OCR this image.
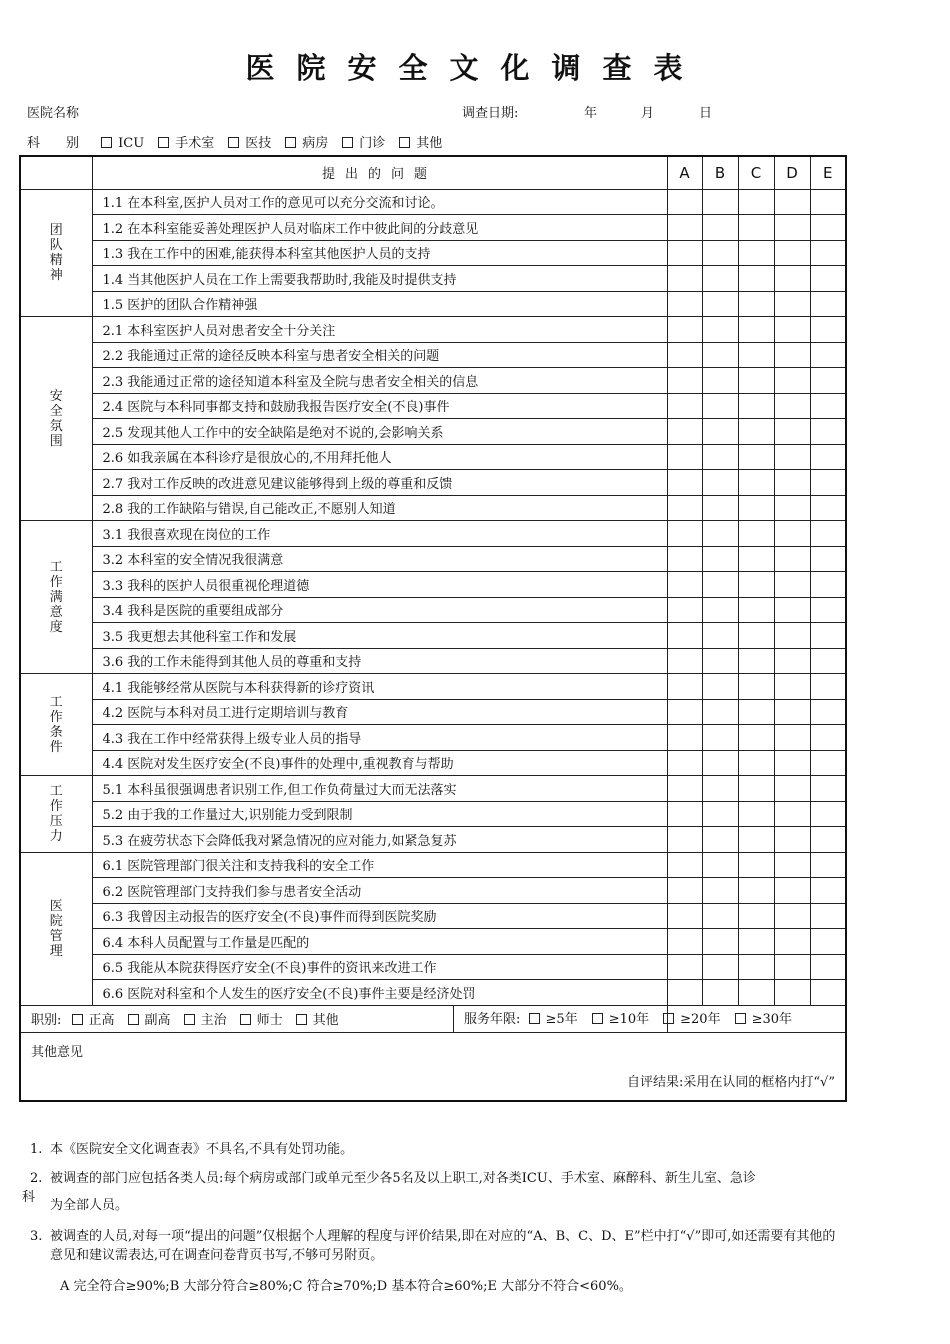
医院安全文化调查表
医院名称	调查日期:	年	月	日
科　　别	ICU 手术室 医技 病房 门诊 其他
	提出的问题	A	B	C	D	E

团队精神	1.1 在本科室,医护人员对工作的意见可以充分交流和讨论。					
	1.2 在本科室能妥善处理医护人员对临床工作中彼此间的分歧意见					
	1.3 我在工作中的困难,能获得本科室其他医护人员的支持					
	1.4 当其他医护人员在工作上需要我帮助时,我能及时提供支持					
	1.5 医护的团队合作精神强					

安全氛围	2.1 本科室医护人员对患者安全十分关注					
	2.2 我能通过正常的途径反映本科室与患者安全相关的问题					
	2.3 我能通过正常的途径知道本科室及全院与患者安全相关的信息					
	2.4 医院与本科同事都支持和鼓励我报告医疗安全(不良)事件					
	2.5 发现其他人工作中的安全缺陷是绝对不说的,会影响关系					
	2.6 如我亲属在本科诊疗是很放心的,不用拜托他人					
	2.7 我对工作反映的改进意见建议能够得到上级的尊重和反馈					
	2.8 我的工作缺陷与错误,自己能改正,不愿别人知道					

工作满意度	3.1 我很喜欢现在岗位的工作					
	3.2 本科室的安全情况我很满意					
	3.3 我科的医护人员很重视伦理道德					
	3.4 我科是医院的重要组成部分					
	3.5 我更想去其他科室工作和发展					
	3.6 我的工作未能得到其他人员的尊重和支持					

工作条件	4.1 我能够经常从医院与本科获得新的诊疗资讯					
	4.2 医院与本科对员工进行定期培训与教育					
	4.3 我在工作中经常获得上级专业人员的指导					
	4.4 医院对发生医疗安全(不良)事件的处理中,重视教育与帮助					

工作压力	5.1 本科虽很强调患者识别工作,但工作负荷量过大而无法落实					
	5.2 由于我的工作量过大,识别能力受到限制					
	5.3 在疲劳状态下会降低我对紧急情况的应对能力,如紧急复苏					

医院管理	6.1 医院管理部门很关注和支持我科的安全工作					
	6.2 医院管理部门支持我们参与患者安全活动					
	6.3 我曾因主动报告的医疗安全(不良)事件而得到医院奖励					
	6.4 本科人员配置与工作量是匹配的					
	6.5 我能从本院获得医疗安全(不良)事件的资讯来改进工作					
	6.6 医院对科室和个人发生的医疗安全(不良)事件主要是经济处罚					
职别: 正高 副高 主治 师士 其他 服务年限: ≥5年 ≥10年 ≥20年 ≥30年						

其他意见
自评结果:采用在认同的框格内打“√”						
1. 本《医院安全文化调查表》不具名,不具有处罚功能。
2. 被调查的部门应包括各类人员:每个病房或部门或单元至少各5名及以上职工,对各类ICU、手术室、麻醉科、新生儿室、急诊
科
为全部人员。
3. 被调查的人员,对每一项“提出的问题”仅根据个人理解的程度与评价结果,即在对应的“A、B、C、D、E”栏中打“√”即可,如还需要有其他的意见和建议需表达,可在调查问卷背页书写,不够可另附页。
A 完全符合≥90%;B 大部分符合≥80%;C 符合≥70%;D 基本符合≥60%;E 大部分不符合<60%。
